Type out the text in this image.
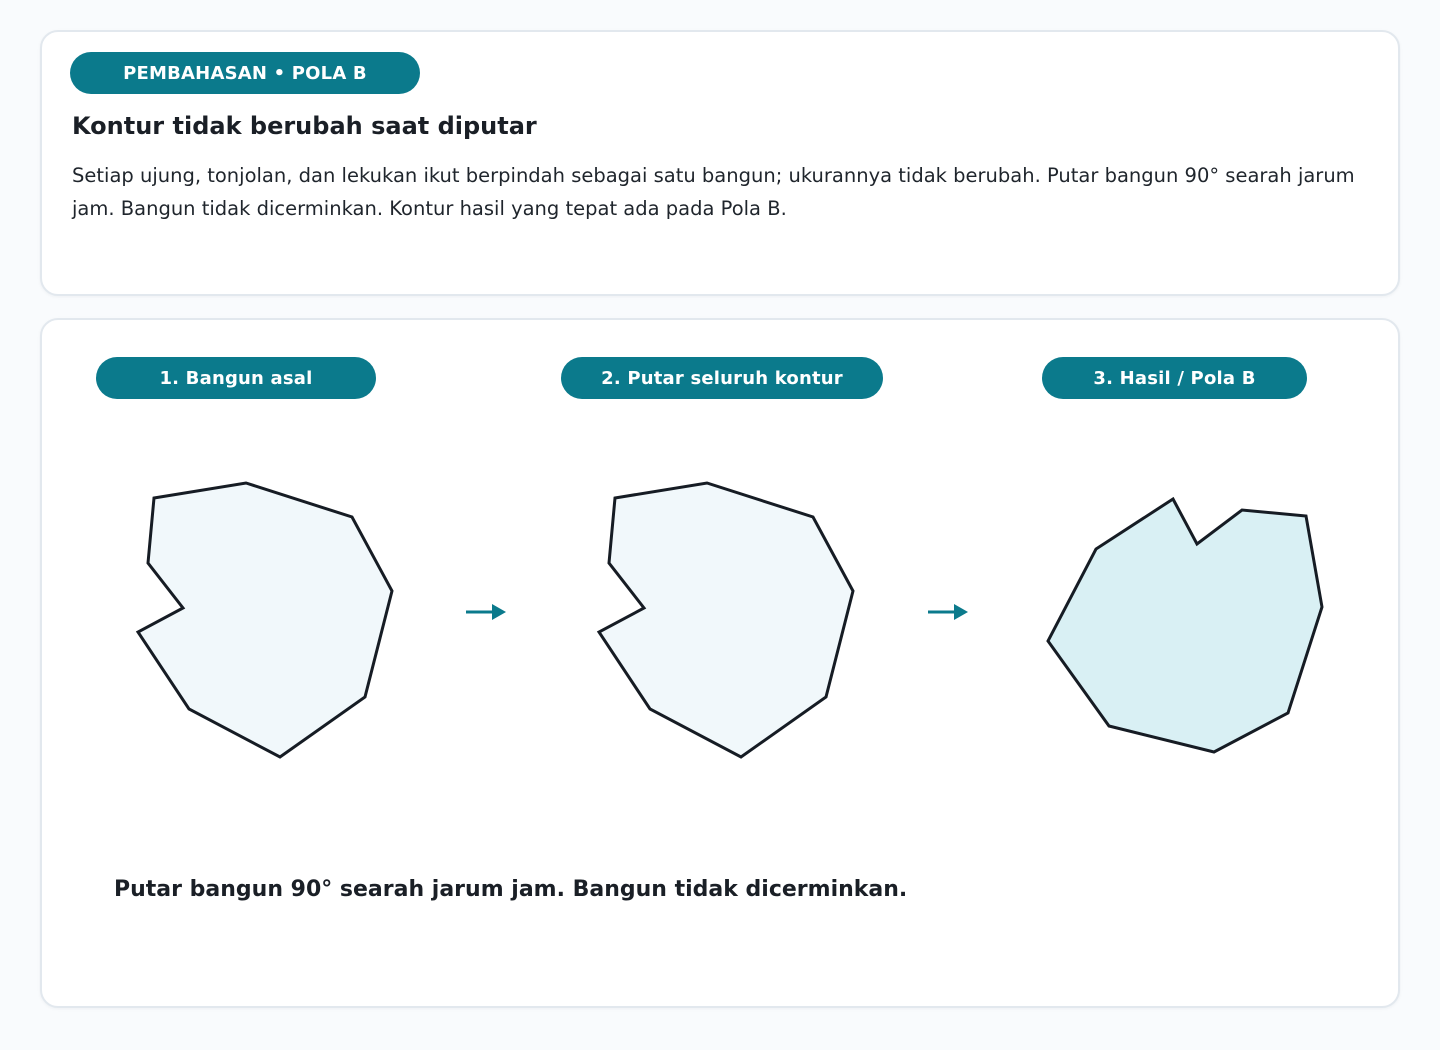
PEMBAHASAN • POLA B
Kontur tidak berubah saat diputar

Setiap ujung, tonjolan, dan lekukan ikut berpindah sebagai satu bangun; ukurannya tidak berubah. Putar bangun 90° searah jarum jam. Bangun tidak dicerminkan. Kontur hasil yang tepat ada pada Pola B.

1. Bangun asal	2. Putar seluruh kontur	3. Hasil / Pola B

Putar bangun 90° searah jarum jam. Bangun tidak dicerminkan.
